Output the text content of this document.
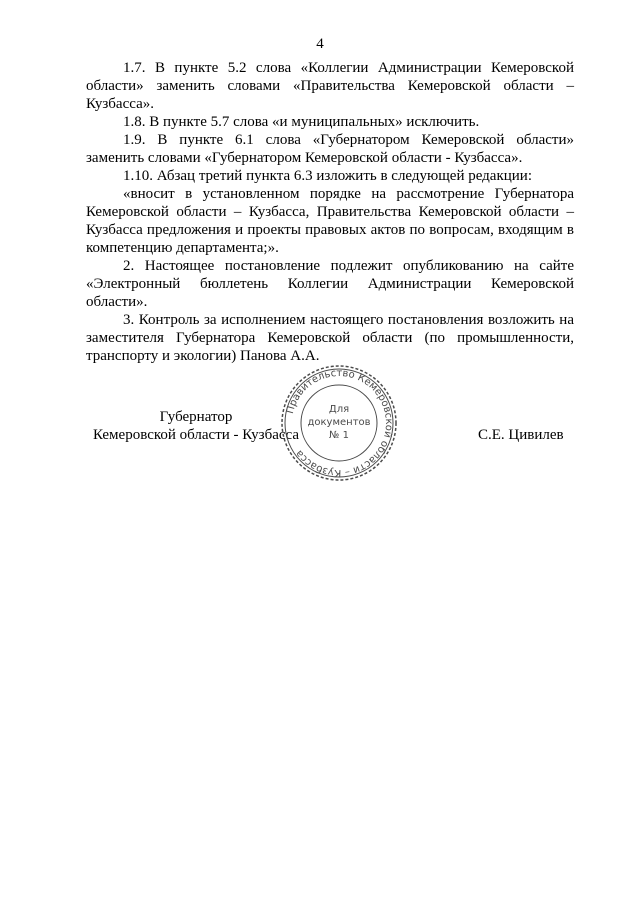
4

1.7. В пункте 5.2 слова «Коллегии Администрации Кемеровской области» заменить словами «Правительства Кемеровской области – Кузбасса».

1.8. В пункте 5.7 слова «и муниципальных» исключить.

1.9. В пункте 6.1 слова «Губернатором Кемеровской области» заменить словами «Губернатором Кемеровской области - Кузбасса».

1.10. Абзац третий пункта 6.3 изложить в следующей редакции:

«вносит в установленном порядке на рассмотрение Губернатора Кемеровской области – Кузбасса, Правительства Кемеровской области – Кузбасса предложения и проекты правовых актов по вопросам, входящим в компетенцию департамента;».

2. Настоящее постановление подлежит опубликованию на сайте «Электронный бюллетень Коллегии Администрации Кемеровской области».

3. Контроль за исполнением настоящего постановления возложить на заместителя Губернатора Кемеровской области (по промышленности, транспорту и экологии) Панова А.А.

Губернатор
Кемеровской области - Кузбасса
Правительство Кемеровской области – Кузбасса
Для
документов
№ 1	С.Е. Цивилев
